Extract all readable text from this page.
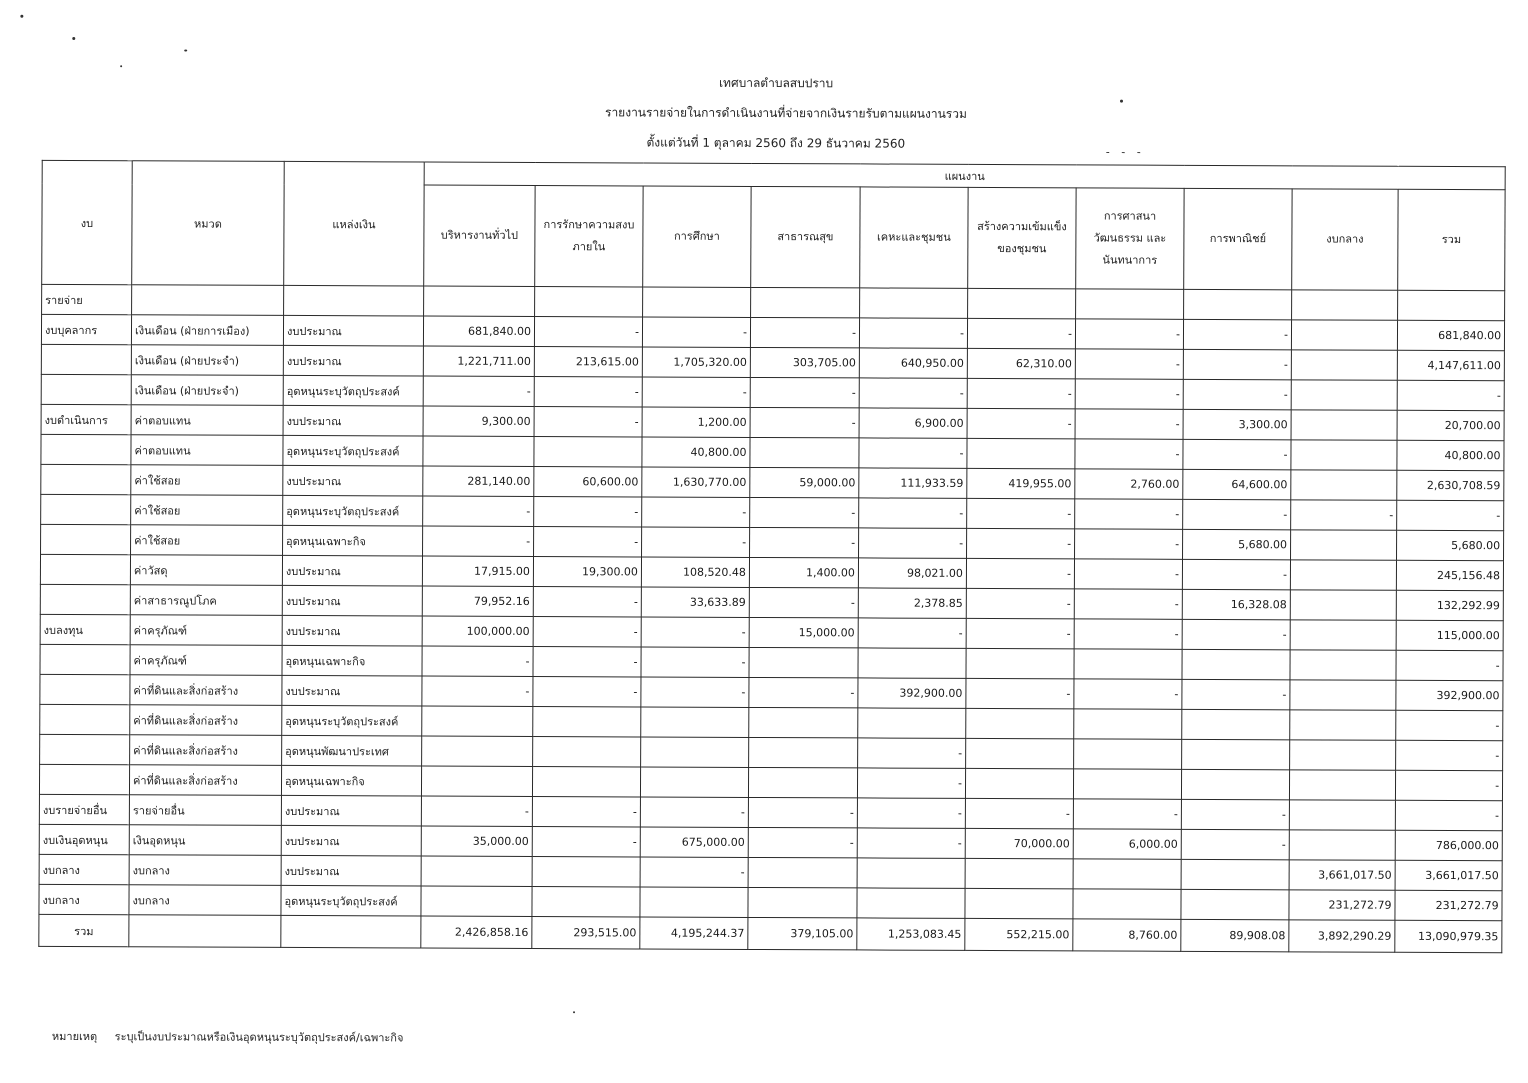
เทศบาลตำบลสบปราบ
รายงานรายจ่ายในการดำเนินงานที่จ่ายจากเงินรายรับตามแผนงานรวม
ตั้งแต่วันที่ 1 ตุลาคม 2560 ถึง 29 ธันวาคม 2560
- - -
งบ	หมวด	แหล่งเงิน	แผนงาน									
			บริหารงานทั่วไป	การรักษาความสงบภายใน	การศึกษา	สาธารณสุข	เคหะและชุมชน	สร้างความเข้มแข็งของชุมชน	การศาสนา วัฒนธรรม และนันทนาการ	การพาณิชย์	งบกลาง	รวม
รายจ่าย												
งบบุคลากร	เงินเดือน (ฝ่ายการเมือง)	งบประมาณ	681,840.00	-	-	-	-	-	-	-		681,840.00
	เงินเดือน (ฝ่ายประจำ)	งบประมาณ	1,221,711.00	213,615.00	1,705,320.00	303,705.00	640,950.00	62,310.00	-	-		4,147,611.00
	เงินเดือน (ฝ่ายประจำ)	อุดหนุนระบุวัตถุประสงค์	-	-	-	-	-	-	-	-		-
งบดำเนินการ	ค่าตอบแทน	งบประมาณ	9,300.00	-	1,200.00	-	6,900.00	-	-	3,300.00		20,700.00
	ค่าตอบแทน	อุดหนุนระบุวัตถุประสงค์			40,800.00		-		-	-		40,800.00
	ค่าใช้สอย	งบประมาณ	281,140.00	60,600.00	1,630,770.00	59,000.00	111,933.59	419,955.00	2,760.00	64,600.00		2,630,708.59
	ค่าใช้สอย	อุดหนุนระบุวัตถุประสงค์	-	-	-	-	-	-	-	-	-	-
	ค่าใช้สอย	อุดหนุนเฉพาะกิจ	-	-	-	-	-	-	-	5,680.00		5,680.00
	ค่าวัสดุ	งบประมาณ	17,915.00	19,300.00	108,520.48	1,400.00	98,021.00	-	-	-		245,156.48
	ค่าสาธารณูปโภค	งบประมาณ	79,952.16	-	33,633.89	-	2,378.85	-	-	16,328.08		132,292.99
งบลงทุน	ค่าครุภัณฑ์	งบประมาณ	100,000.00	-	-	15,000.00	-	-	-	-		115,000.00
	ค่าครุภัณฑ์	อุดหนุนเฉพาะกิจ	-	-	-							-
	ค่าที่ดินและสิ่งก่อสร้าง	งบประมาณ	-	-	-	-	392,900.00	-	-	-		392,900.00
	ค่าที่ดินและสิ่งก่อสร้าง	อุดหนุนระบุวัตถุประสงค์										-
	ค่าที่ดินและสิ่งก่อสร้าง	อุดหนุนพัฒนาประเทศ					-					-
	ค่าที่ดินและสิ่งก่อสร้าง	อุดหนุนเฉพาะกิจ					-					-
งบรายจ่ายอื่น	รายจ่ายอื่น	งบประมาณ	-	-	-	-	-	-	-	-		-
งบเงินอุดหนุน	เงินอุดหนุน	งบประมาณ	35,000.00	-	675,000.00	-	-	70,000.00	6,000.00	-		786,000.00
งบกลาง	งบกลาง	งบประมาณ			-						3,661,017.50	3,661,017.50
งบกลาง	งบกลาง	อุดหนุนระบุวัตถุประสงค์									231,272.79	231,272.79
รวม			2,426,858.16	293,515.00	4,195,244.37	379,105.00	1,253,083.45	552,215.00	8,760.00	89,908.08	3,892,290.29	13,090,979.35
หมายเหตุ ระบุเป็นงบประมาณหรือเงินอุดหนุนระบุวัตถุประสงค์/เฉพาะกิจ
